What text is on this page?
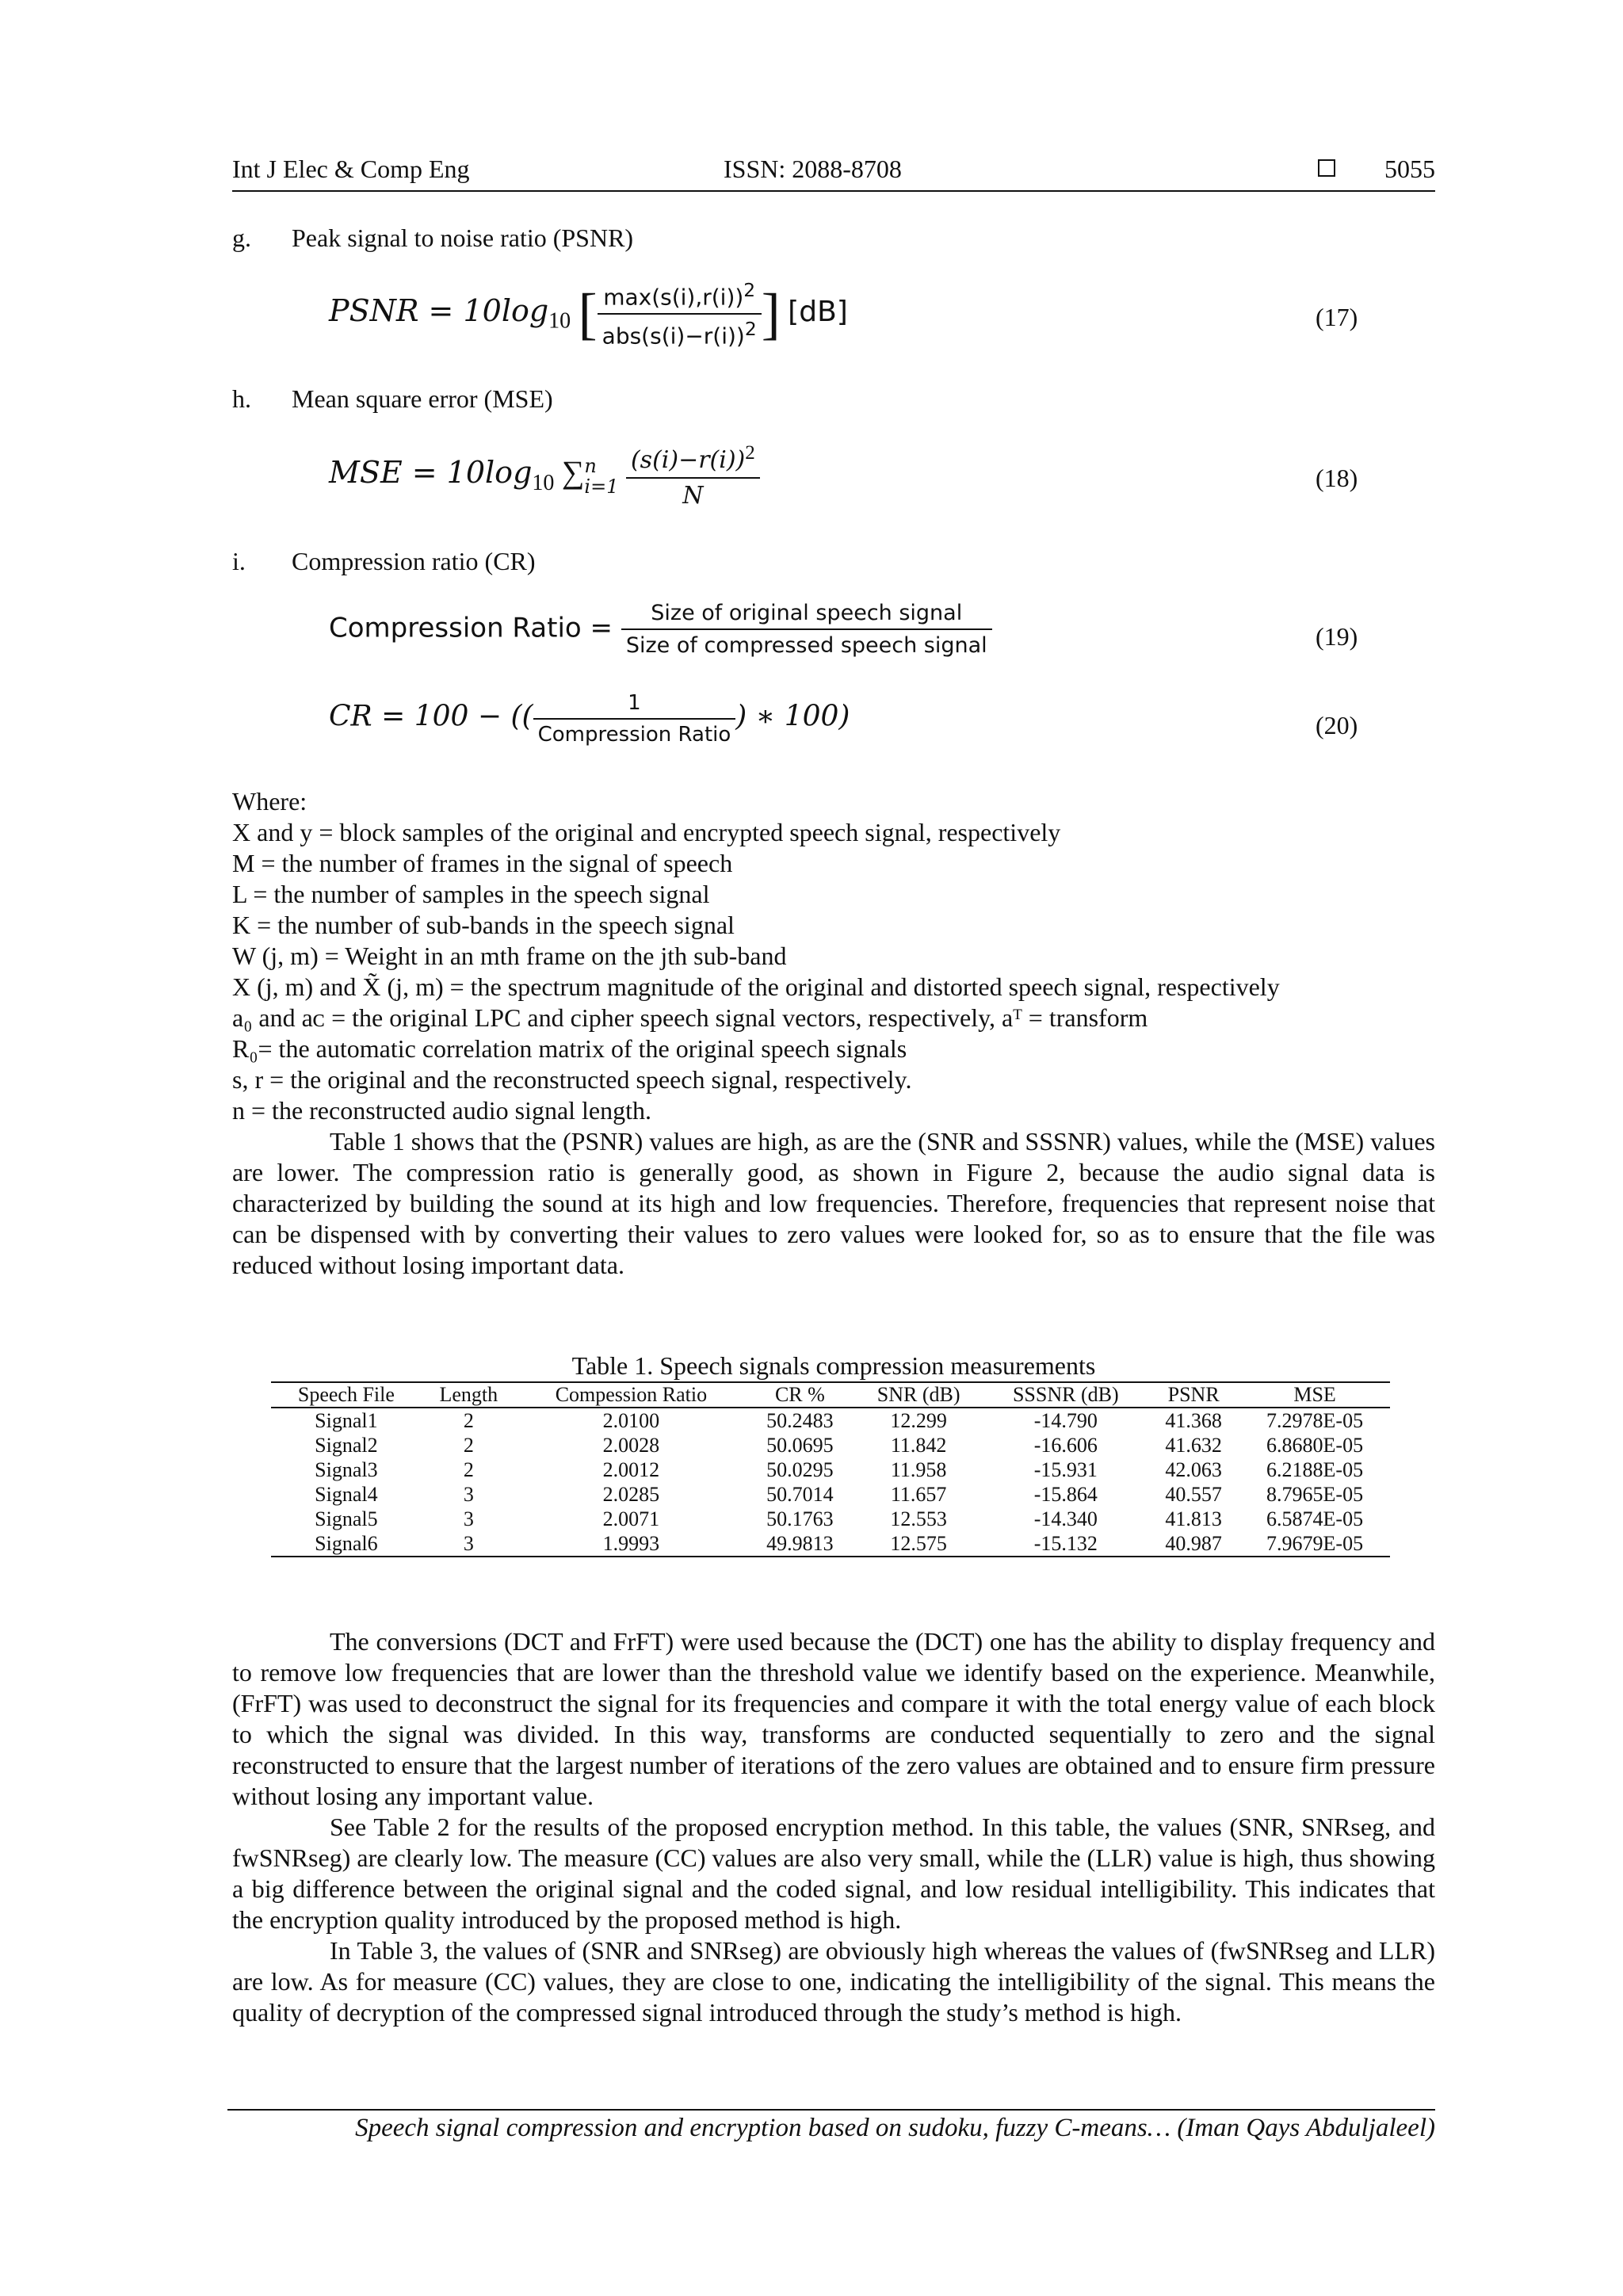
Int J Elec & Comp Eng	ISSN: 2088-8708	5055
g. Peak signal to noise ratio (PSNR)
PSNR = $10\log_{10}$ [ $\frac{\max(s(i),r(i))^2}{abs(s(i)-r(i))^2}$ ] [dB]	(17)
h. Mean square error (MSE)
MSE = $10\log_{10}$ ∑ n
i=1
$\frac{(s(i)-r(i))^2}{N}$	(18)
i. Compression ratio (CR)
Compression Ratio = $\frac{\text{Size of original speech signal}}{\text{Size of compressed speech signal}}$	(19)
CR = 100 − (( $\frac{1}{\text{Compression Ratio}}$ ) ∗ 100)	(20)
Where:
X and y = block samples of the original and encrypted speech signal, respectively
M = the number of frames in the signal of speech
L = the number of samples in the speech signal
K = the number of sub-bands in the speech signal
W (j, m) = Weight in an mth frame on the jth sub-band
X (j, m) and X̃ (j, m) = the spectrum magnitude of the original and distorted speech signal, respectively
a₀ and aᴄ = the original LPC and cipher speech signal vectors, respectively, aᵀ = transform
R₀= the automatic correlation matrix of the original speech signals
s, r = the original and the reconstructed speech signal, respectively.
n = the reconstructed audio signal length.

Table 1 shows that the (PSNR) values are high, as are the (SNR and SSSNR) values, while the (MSE) values are lower. The compression ratio is generally good, as shown in Figure 2, because the audio signal data is characterized by building the sound at its high and low frequencies. Therefore, frequencies that represent noise that can be dispensed with by converting their values to zero values were looked for, so as to ensure that the file was reduced without losing important data.

Table 1. Speech signals compression measurements
Speech File	Length	Compession Ratio	CR %	SNR (dB)	SSSNR (dB)	PSNR	MSE
Signal1	2	2.0100	50.2483	12.299	-14.790	41.368	7.2978E-05
Signal2	2	2.0028	50.0695	11.842	-16.606	41.632	6.8680E-05
Signal3	2	2.0012	50.0295	11.958	-15.931	42.063	6.2188E-05
Signal4	3	2.0285	50.7014	11.657	-15.864	40.557	8.7965E-05
Signal5	3	2.0071	50.1763	12.553	-14.340	41.813	6.5874E-05
Signal6	3	1.9993	49.9813	12.575	-15.132	40.987	7.9679E-05

The conversions (DCT and FrFT) were used because the (DCT) one has the ability to display frequency and to remove low frequencies that are lower than the threshold value we identify based on the experience. Meanwhile, (FrFT) was used to deconstruct the signal for its frequencies and compare it with the total energy value of each block to which the signal was divided. In this way, transforms are conducted sequentially to zero and the signal reconstructed to ensure that the largest number of iterations of the zero values are obtained and to ensure firm pressure without losing any important value.

See Table 2 for the results of the proposed encryption method. In this table, the values (SNR, SNRseg, and fwSNRseg) are clearly low. The measure (CC) values are also very small, while the (LLR) value is high, thus showing a big difference between the original signal and the coded signal, and low residual intelligibility. This indicates that the encryption quality introduced by the proposed method is high.

In Table 3, the values of (SNR and SNRseg) are obviously high whereas the values of (fwSNRseg and LLR) are low. As for measure (CC) values, they are close to one, indicating the intelligibility of the signal. This means the quality of decryption of the compressed signal introduced through the study’s method is high.

Speech signal compression and encryption based on sudoku, fuzzy C-means… (Iman Qays Abduljaleel)
